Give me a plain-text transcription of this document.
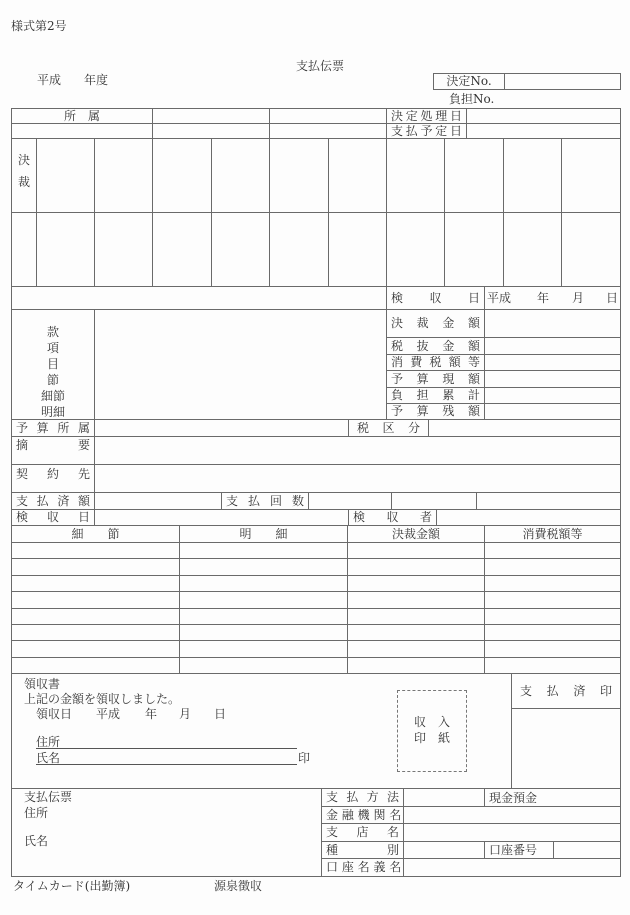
様式第2号
支払伝票
平成 年度	決定No.
負担No.
所　属	決定処理日
支払予定日
決
裁
検 収 日 平成 年 月 日
款
項
目
節
細節
明細
決 裁 金 額
税 抜 金 額
消 費 税 額 等
予 算 現 額
負 担 累 計
予 算 残 額
予 算 所 属	税 区 分
摘 要
契 約 先
支 払 済 額	支 払 回 数
検 収 日	検 収 者
細　　節	明　　細	決裁金額	消費税額等
領収書
上記の金額を領収しました。
領収日 平成 年 月 日
住所
氏名	印
収　入
印　紙
支 払 済 印
支払伝票
住所
氏名
支 払 方 法	現金預金
金 融 機 関 名
支 店 名
種 別	口座番号
口 座 名 義 名
タイムカード(出勤簿)	源泉徴収
